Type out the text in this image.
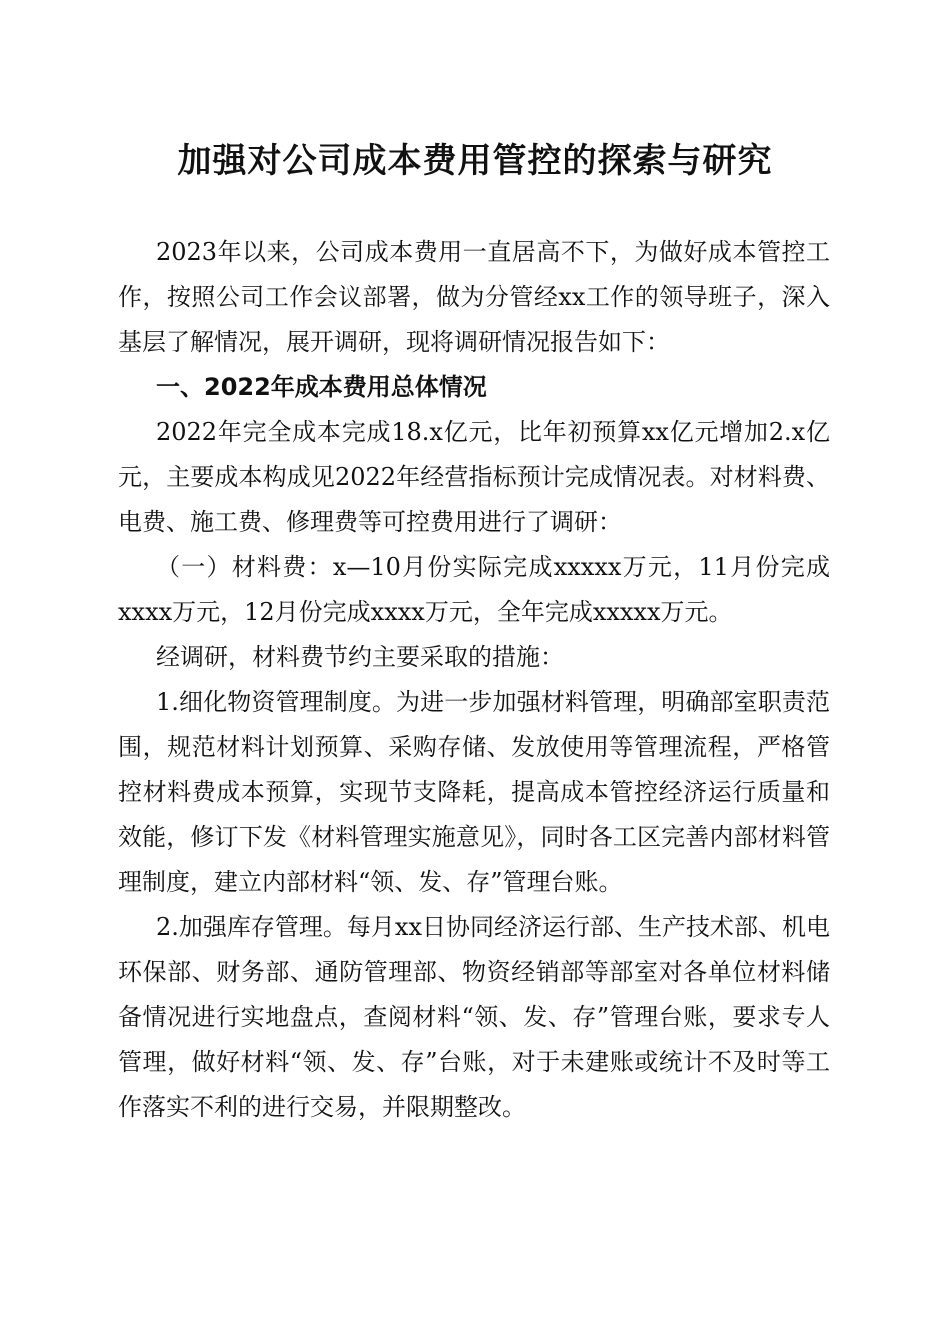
加强对公司成本费用管控的探索与研究

2023年以来，公司成本费用一直居高不下，为做好成本管控工作，按照公司工作会议部署，做为分管经xx工作的领导班子，深入基层了解情况，展开调研，现将调研情况报告如下：

一、2022年成本费用总体情况

2022年完全成本完成18.x亿元，比年初预算xx亿元增加2.x亿元，主要成本构成见2022年经营指标预计完成情况表。对材料费、电费、施工费、修理费等可控费用进行了调研：

（一）材料费：x—10月份实际完成xxxxx万元，11月份完成xxxx万元，12月份完成xxxx万元，全年完成xxxxx万元。

经调研，材料费节约主要采取的措施：

1.细化物资管理制度。为进一步加强材料管理，明确部室职责范围，规范材料计划预算、采购存储、发放使用等管理流程，严格管控材料费成本预算，实现节支降耗，提高成本管控经济运行质量和效能，修订下发《材料管理实施意见》，同时各工区完善内部材料管理制度，建立内部材料“领、发、存”管理台账。

2.加强库存管理。每月xx日协同经济运行部、生产技术部、机电环保部、财务部、通防管理部、物资经销部等部室对各单位材料储备情况进行实地盘点，查阅材料“领、发、存”管理台账，要求专人管理，做好材料“领、发、存”台账，对于未建账或统计不及时等工作落实不利的进行交易，并限期整改。
